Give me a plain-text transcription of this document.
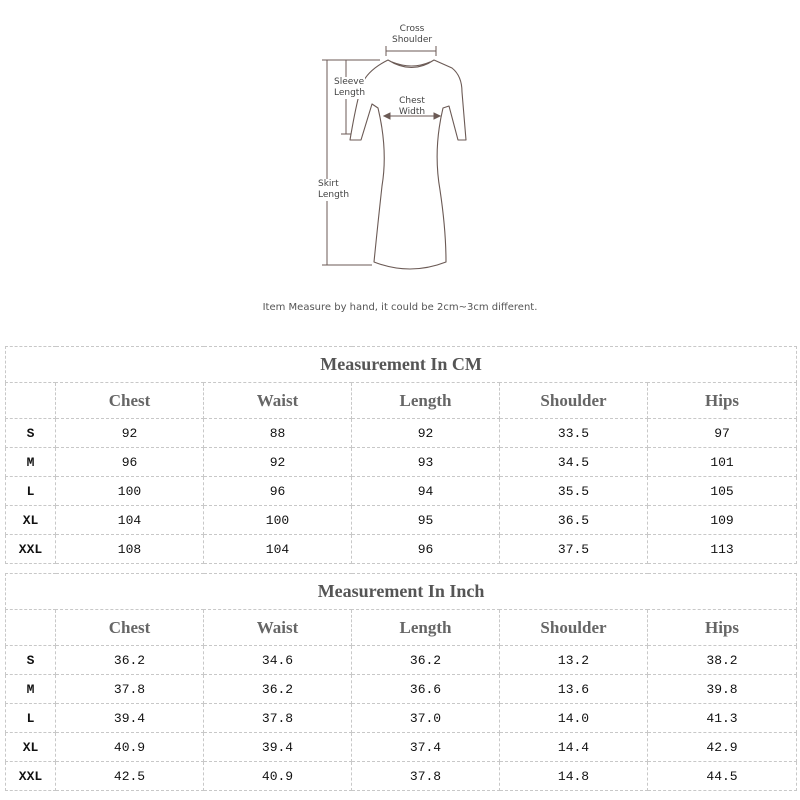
Cross
Shoulder
Sleeve
Length
Chest
Width
Skirt
Length
Item Measure by hand, it could be 2cm~3cm different.
Measurement In CM					
	Chest	Waist	Length	Shoulder	Hips
S	92	88	92	33.5	97
M	96	92	93	34.5	101
L	100	96	94	35.5	105
XL	104	100	95	36.5	109
XXL	108	104	96	37.5	113
Measurement In Inch					
	Chest	Waist	Length	Shoulder	Hips
S	36.2	34.6	36.2	13.2	38.2
M	37.8	36.2	36.6	13.6	39.8
L	39.4	37.8	37.0	14.0	41.3
XL	40.9	39.4	37.4	14.4	42.9
XXL	42.5	40.9	37.8	14.8	44.5
